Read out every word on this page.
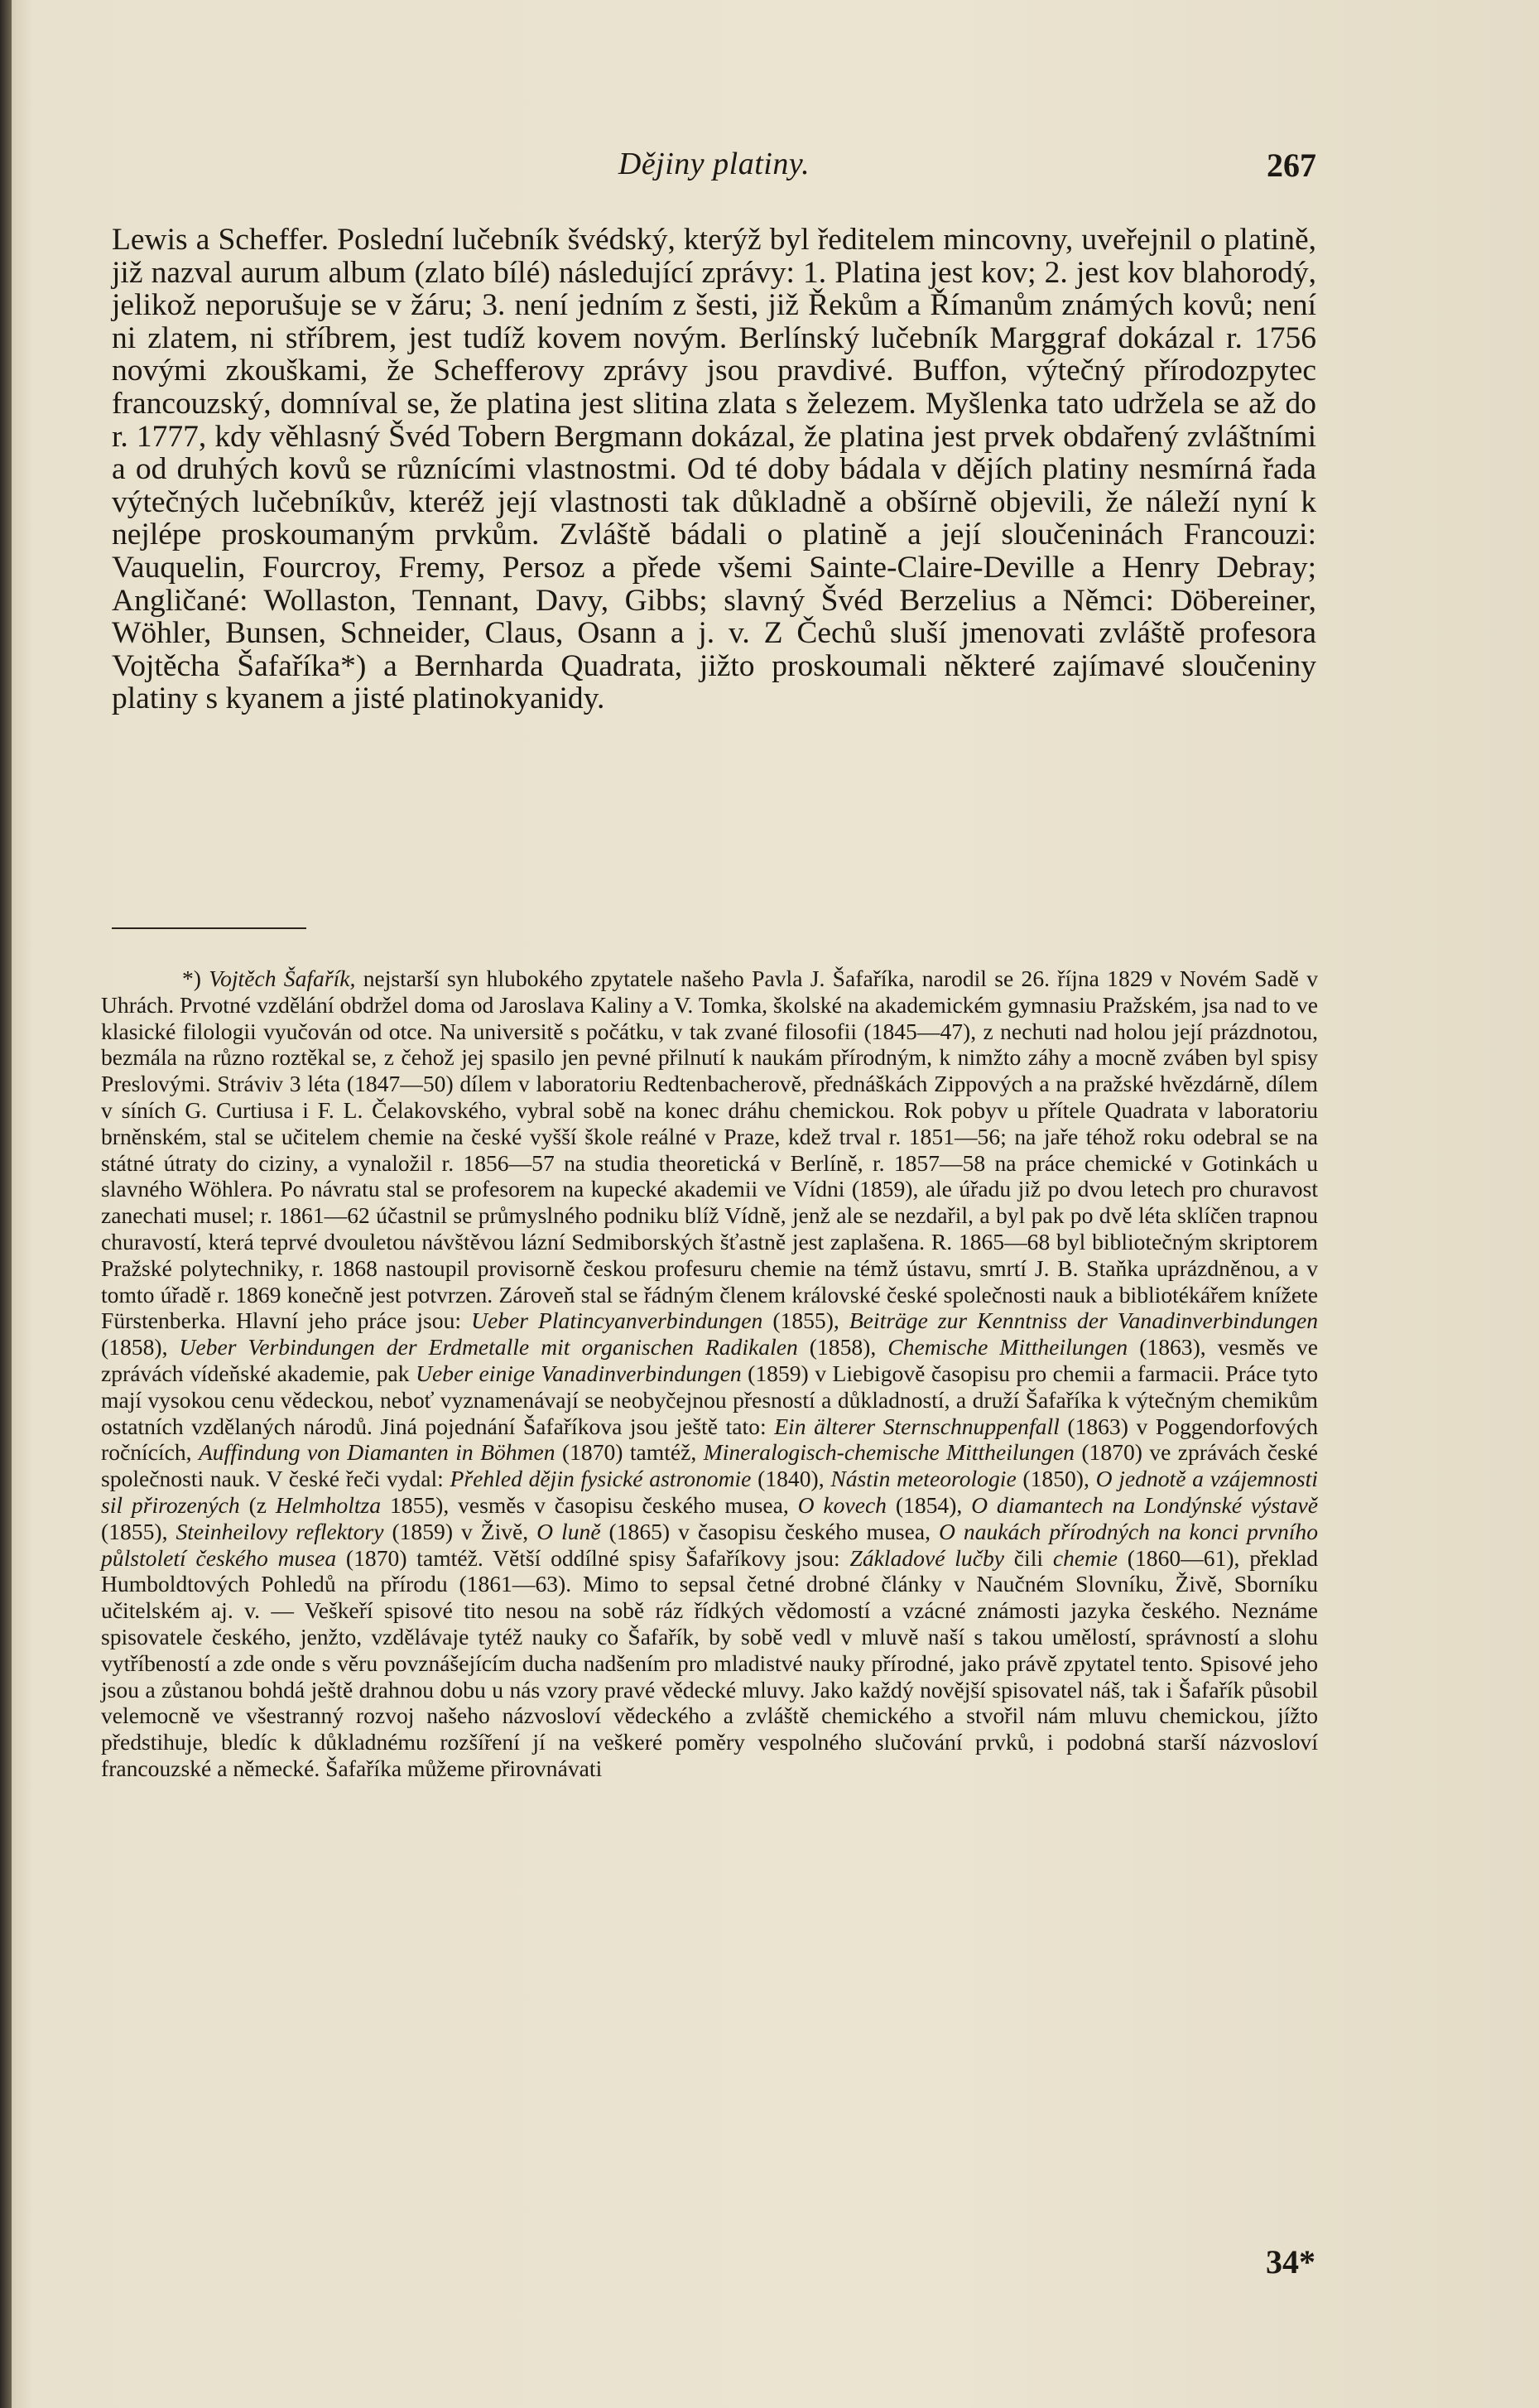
Dějiny platiny.	267
Lewis a Scheffer. Poslední lučebník švédský, kterýž byl ředitelem mincovny, uveřejnil o platině, již nazval aurum album (zlato bílé) následující zprávy: 1. Platina jest kov; 2. jest kov blahorodý, jelikož neporušuje se v žáru; 3. není jedním z šesti, již Řekům a Římanům známých kovů; není ni zlatem, ni stříbrem, jest tudíž kovem novým. Berlínský lučebník Marggraf dokázal r. 1756 novými zkouškami, že Schefferovy zprávy jsou pravdivé. Buffon, výtečný přírodozpytec francouzský, domníval se, že platina jest slitina zlata s železem. Myšlenka tato udržela se až do r. 1777, kdy věhlasný Švéd Tobern Bergmann dokázal, že platina jest prvek obdařený zvláštními a od druhých kovů se různícími vlastnostmi. Od té doby bádala v dějích platiny nesmírná řada výtečných lučebníkův, kteréž její vlastnosti tak důkladně a obšírně objevili, že náleží nyní k nejlépe proskoumaným prvkům. Zvláště bádali o platině a její sloučeninách Francouzi: Vauquelin, Fourcroy, Fremy, Persoz a přede všemi Sainte-Claire-Deville a Henry Debray; Angličané: Wollaston, Tennant, Davy, Gibbs; slavný Švéd Berzelius a Němci: Döbereiner, Wöhler, Bunsen, Schneider, Claus, Osann a j. v. Z Čechů sluší jmenovati zvláště profesora Vojtěcha Šafaříka*) a Bernharda Quadrata, jižto proskoumali některé zajímavé sloučeniny platiny s kyanem a jisté platinokyanidy.
*) Vojtěch Šafařík, nejstarší syn hlubokého zpytatele našeho Pavla J. Šafaříka, narodil se 26. října 1829 v Novém Sadě v Uhrách. Prvotné vzdělání obdržel doma od Jaroslava Kaliny a V. Tomka, školské na akademickém gymnasiu Pražském, jsa nad to ve klasické filologii vyučován od otce. Na universitě s počátku, v tak zvané filosofii (1845—47), z nechuti nad holou její prázdnotou, bezmála na různo roztěkal se, z čehož jej spasilo jen pevné přilnutí k naukám přírodným, k nimžto záhy a mocně zváben byl spisy Preslovými. Stráviv 3 léta (1847—50) dílem v laboratoriu Redtenbacherově, přednáškách Zippových a na pražské hvězdárně, dílem v síních G. Curtiusa i F. L. Čelakovského, vybral sobě na konec dráhu chemickou. Rok pobyv u přítele Quadrata v laboratoriu brněnském, stal se učitelem chemie na české vyšší škole reálné v Praze, kdež trval r. 1851—56; na jaře téhož roku odebral se na státné útraty do ciziny, a vynaložil r. 1856—57 na studia theoretická v Berlíně, r. 1857—58 na práce chemické v Gotinkách u slavného Wöhlera. Po návratu stal se profesorem na kupecké akademii ve Vídni (1859), ale úřadu již po dvou letech pro churavost zanechati musel; r. 1861—62 účastnil se průmyslného podniku blíž Vídně, jenž ale se nezdařil, a byl pak po dvě léta sklíčen trapnou churavostí, která teprvé dvouletou návštěvou lázní Sedmiborských šťastně jest zaplašena. R. 1865—68 byl bibliotečným skriptorem Pražské polytechniky, r. 1868 nastoupil provisorně českou profesuru chemie na témž ústavu, smrtí J. B. Staňka uprázdněnou, a v tomto úřadě r. 1869 konečně jest potvrzen. Zároveň stal se řádným členem královské české společnosti nauk a bibliotékářem knížete Fürstenberka. Hlavní jeho práce jsou: Ueber Platincyanverbindungen (1855), Beiträge zur Kenntniss der Vanadinverbindungen (1858), Ueber Verbindungen der Erdmetalle mit organischen Radikalen (1858), Chemische Mittheilungen (1863), vesměs ve zprávách vídeňské akademie, pak Ueber einige Vanadinverbindungen (1859) v Liebigově časopisu pro chemii a farmacii. Práce tyto mají vysokou cenu vědeckou, neboť vyznamenávají se neobyčejnou přesností a důkladností, a druží Šafaříka k výtečným chemikům ostatních vzdělaných národů. Jiná pojednání Šafaříkova jsou ještě tato: Ein älterer Sternschnuppenfall (1863) v Poggendorfových ročnících, Auffindung von Diamanten in Böhmen (1870) tamtéž, Mineralogisch-chemische Mittheilungen (1870) ve zprávách české společnosti nauk. V české řeči vydal: Přehled dějin fysické astronomie (1840), Nástin meteorologie (1850), O jednotě a vzájemnosti sil přirozených (z Helmholtza 1855), vesměs v časopisu českého musea, O kovech (1854), O diamantech na Londýnské výstavě (1855), Steinheilovy reflektory (1859) v Živě, O luně (1865) v časopisu českého musea, O naukách přírodných na konci prvního půlstoletí českého musea (1870) tamtéž. Větší oddílné spisy Šafaříkovy jsou: Základové lučby čili chemie (1860—61), překlad Humboldtových Pohledů na přírodu (1861—63). Mimo to sepsal četné drobné články v Naučném Slovníku, Živě, Sborníku učitelském aj. v. — Veškeří spisové tito nesou na sobě ráz řídkých vědomostí a vzácné známosti jazyka českého. Neznáme spisovatele českého, jenžto, vzdělávaje tytéž nauky co Šafařík, by sobě vedl v mluvě naší s takou umělostí, správností a slohu vytříbeností a zde onde s věru povznášejícím ducha nadšením pro mladistvé nauky přírodné, jako právě zpytatel tento. Spisové jeho jsou a zůstanou bohdá ještě drahnou dobu u nás vzory pravé vědecké mluvy. Jako každý novější spisovatel náš, tak i Šafařík působil velemocně ve všestranný rozvoj našeho názvosloví vědeckého a zvláště chemického a stvořil nám mluvu chemickou, jížto předstihuje, bledíc k důkladnému rozšíření jí na veškeré poměry vespolného slučování prvků, i podobná starší názvosloví francouzské a německé. Šafaříka můžeme přirovnávati
34*
